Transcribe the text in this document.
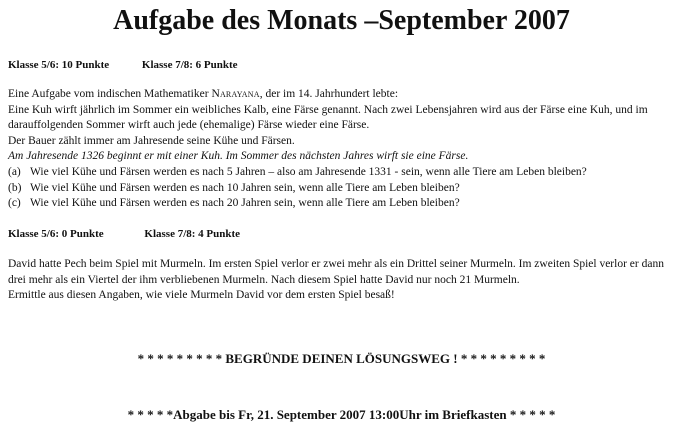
Aufgabe des Monats –September 2007
Klasse 5/6: 10 Punkte	Klasse 7/8: 6 Punkte

Eine Aufgabe vom indischen Mathematiker Narayana, der im 14. Jahrhundert lebte:

Eine Kuh wirft jährlich im Sommer ein weibliches Kalb, eine Färse genannt. Nach zwei Lebensjahren wird aus der Färse eine Kuh, und im darauffolgenden Sommer wirft auch jede (ehemalige) Färse wieder eine Färse.

Der Bauer zählt immer am Jahresende seine Kühe und Färsen.

Am Jahresende 1326 beginnt er mit einer Kuh. Im Sommer des nächsten Jahres wirft sie eine Färse.

(a) Wie viel Kühe und Färsen werden es nach 5 Jahren – also am Jahresende 1331 - sein, wenn alle Tiere am Leben bleiben?
(b) Wie viel Kühe und Färsen werden es nach 10 Jahren sein, wenn alle Tiere am Leben bleiben?
(c) Wie viel Kühe und Färsen werden es nach 20 Jahren sein, wenn alle Tiere am Leben bleiben?
Klasse 5/6: 0 Punkte	Klasse 7/8: 4 Punkte

David hatte Pech beim Spiel mit Murmeln. Im ersten Spiel verlor er zwei mehr als ein Drittel seiner Murmeln. Im zweiten Spiel verlor er dann drei mehr als ein Viertel der ihm verbliebenen Murmeln. Nach diesem Spiel hatte David nur noch 21 Murmeln.

Ermittle aus diesen Angaben, wie viele Murmeln David vor dem ersten Spiel besaß!

* * * * * * * * * BEGRÜNDE DEINEN LÖSUNGSWEG ! * * * * * * * * *
* * * * *Abgabe bis Fr, 21. September 2007 13:00Uhr im Briefkasten * * * * *
